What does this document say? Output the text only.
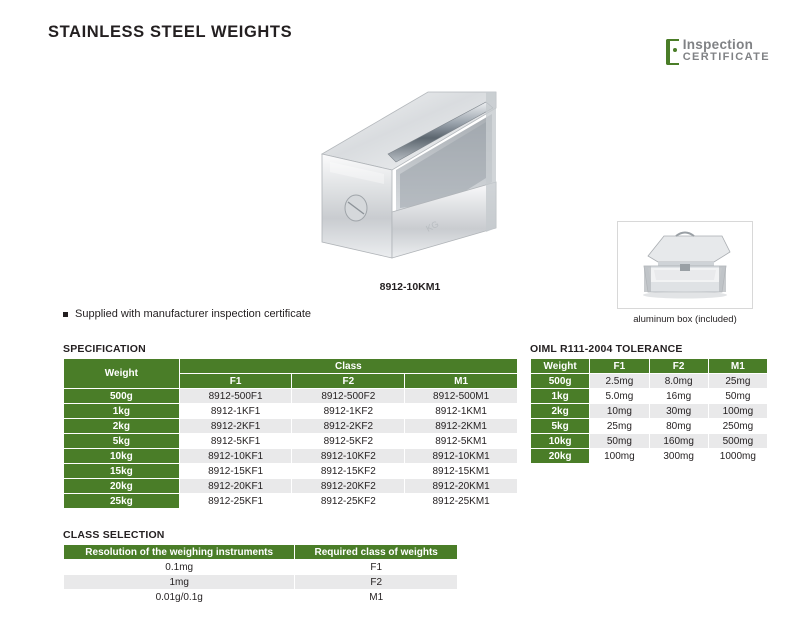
STAINLESS STEEL WEIGHTS
Inspection
CERTIFICATE
KG
8912-10KM1
Supplied with manufacturer inspection certificate	aluminum box (included)
SPECIFICATION
Weight	Class		
	F1	F2	M1
500g	8912-500F1	8912-500F2	8912-500M1
1kg	8912-1KF1	8912-1KF2	8912-1KM1
2kg	8912-2KF1	8912-2KF2	8912-2KM1
5kg	8912-5KF1	8912-5KF2	8912-5KM1
10kg	8912-10KF1	8912-10KF2	8912-10KM1
15kg	8912-15KF1	8912-15KF2	8912-15KM1
20kg	8912-20KF1	8912-20KF2	8912-20KM1
25kg	8912-25KF1	8912-25KF2	8912-25KM1
OIML R111-2004 TOLERANCE
Weight	F1	F2	M1
500g	2.5mg	8.0mg	25mg
1kg	5.0mg	16mg	50mg
2kg	10mg	30mg	100mg
5kg	25mg	80mg	250mg
10kg	50mg	160mg	500mg
20kg	100mg	300mg	1000mg
CLASS SELECTION
Resolution of the weighing instruments	Required class of weights
0.1mg	F1
1mg	F2
0.01g/0.1g	M1
